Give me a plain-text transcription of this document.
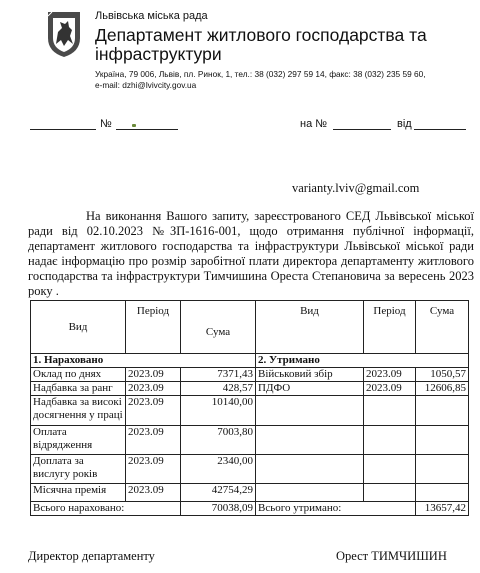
Львівська міська рада
Департамент житлового господарства та інфраструктури
Україна, 79 006, Львів, пл. Ринок, 1, тел.: 38 (032) 297 59 14, факс: 38 (032) 235 59 60,
e-mail: dzhi@lvivcity.gov.ua
№	на №	від
varianty.lviv@gmail.com

На виконання Вашого запиту, зареєстрованого СЕД Львівської міської ради від 02.10.2023 №ЗП-1616-001, щодо отримання публічної інформації, департамент житлового господарства та інфраструктури Львівської міської ради надає інформацію про розмір заробітної плати директора департаменту житлового господарства та інфраструктури Тимчишина Ореста Степановича за вересень 2023 року .

Вид	Період	Сума	Вид	Період	Сума
1. Нараховано			2. Утримано		
Оклад по днях	2023.09	7371,43	Військовий збір	2023.09	1050,57
Надбавка за ранг	2023.09	428,57	ПДФО	2023.09	12606,85
Надбавка за високі досягнення у праці	2023.09	10140,00			
Оплата відрядження	2023.09	7003,80			
Доплата за вислугу років	2023.09	2340,00			
Місячна премія	2023.09	42754,29			
Всього нараховано:		70038,09	Всього утримано:		13657,42
Директор департаменту	Орест ТИМЧИШИН
